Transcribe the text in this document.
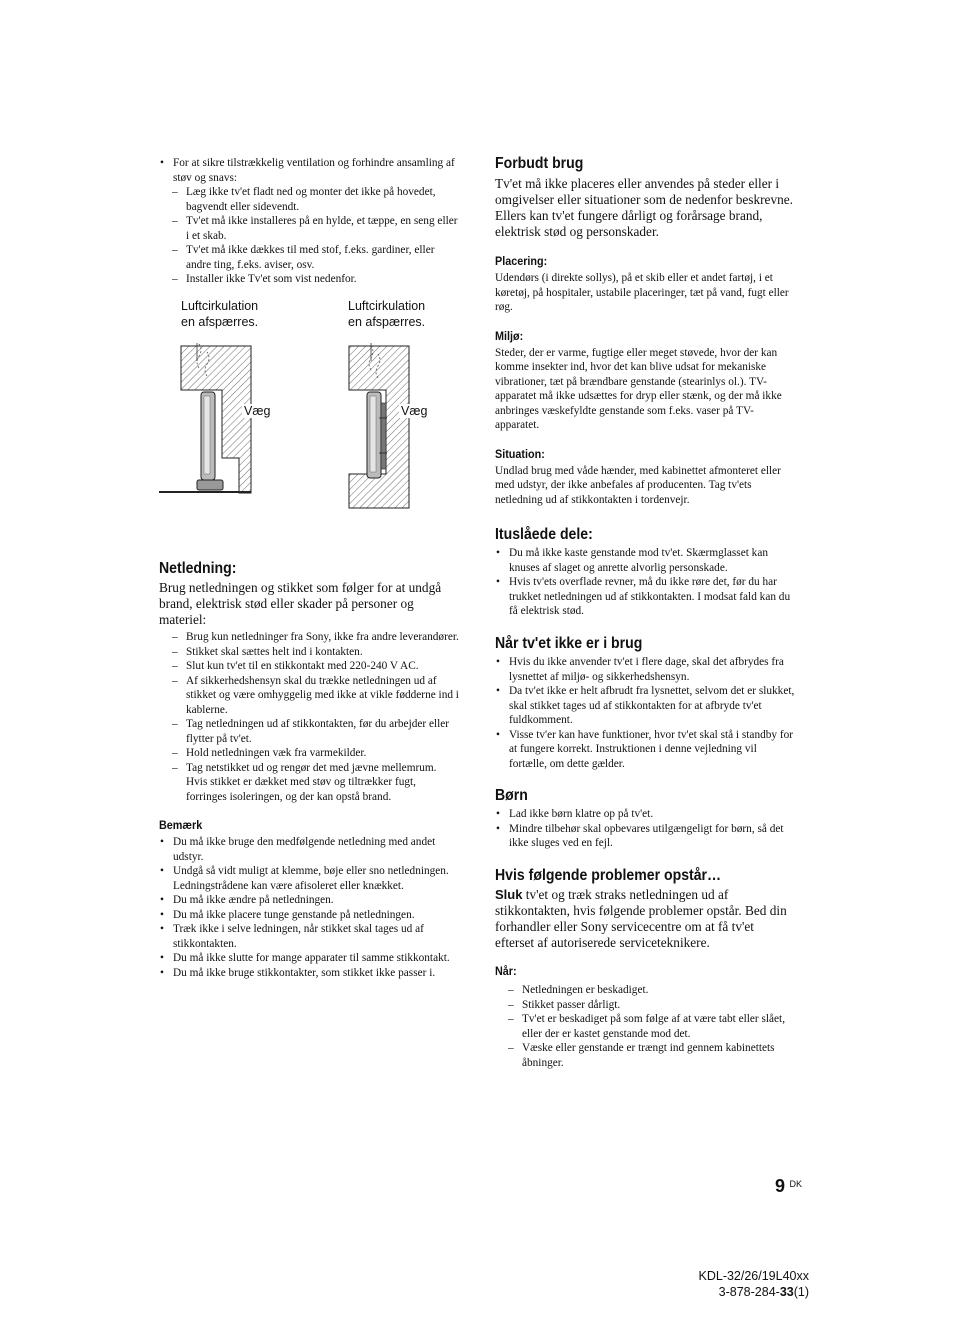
• For at sikre tilstrækkelig ventilation og forhindre ansamling af støv og snavs:
– Læg ikke tv'et fladt ned og monter det ikke på hovedet, bagvendt eller sidevendt.
– Tv'et må ikke installeres på en hylde, et tæppe, en seng eller i et skab.
– Tv'et må ikke dækkes til med stof, f.eks. gardiner, eller andre ting, f.eks. aviser, osv.
– Installer ikke Tv'et som vist nedenfor.
Luftcirkulation
en afspærres.
Luftcirkulation
en afspærres.
Væg	Væg
Netledning:

Brug netledningen og stikket som følger for at undgå brand, elektrisk stød eller skader på personer og materiel:

– Brug kun netledninger fra Sony, ikke fra andre leverandører.
– Stikket skal sættes helt ind i kontakten.
– Slut kun tv'et til en stikkontakt med 220-240 V AC.
– Af sikkerhedshensyn skal du trække netledningen ud af stikket og være omhyggelig med ikke at vikle fødderne ind i kablerne.
– Tag netledningen ud af stikkontakten, før du arbejder eller flytter på tv'et.
– Hold netledningen væk fra varmekilder.
– Tag netstikket ud og rengør det med jævne mellemrum. Hvis stikket er dækket med støv og tiltrækker fugt, forringes isoleringen, og der kan opstå brand.
Bemærk
• Du må ikke bruge den medfølgende netledning med andet udstyr.
• Undgå så vidt muligt at klemme, bøje eller sno netledningen. Ledningstrådene kan være afisoleret eller knækket.
• Du må ikke ændre på netledningen.
• Du må ikke placere tunge genstande på netledningen.
• Træk ikke i selve ledningen, når stikket skal tages ud af stikkontakten.
• Du må ikke slutte for mange apparater til samme stikkontakt.
• Du må ikke bruge stikkontakter, som stikket ikke passer i.
Forbudt brug

Tv'et må ikke placeres eller anvendes på steder eller i omgivelser eller situationer som de nedenfor beskrevne. Ellers kan tv'et fungere dårligt og forårsage brand, elektrisk stød og personskader.

Placering:

Udendørs (i direkte sollys), på et skib eller et andet fartøj, i et køretøj, på hospitaler, ustabile placeringer, tæt på vand, fugt eller røg.

Miljø:

Steder, der er varme, fugtige eller meget støvede, hvor der kan komme insekter ind, hvor det kan blive udsat for mekaniske vibrationer, tæt på brændbare genstande (stearinlys ol.). TV-apparatet må ikke udsættes for dryp eller stænk, og der må ikke anbringes væskefyldte genstande som f.eks. vaser på TV-apparatet.

Situation:

Undlad brug med våde hænder, med kabinettet afmonteret eller med udstyr, der ikke anbefales af producenten. Tag tv'ets netledning ud af stikkontakten i tordenvejr.

Ituslåede dele:
• Du må ikke kaste genstande mod tv'et. Skærmglasset kan knuses af slaget og anrette alvorlig personskade.
• Hvis tv'ets overflade revner, må du ikke røre det, før du har trukket netledningen ud af stikkontakten. I modsat fald kan du få elektrisk stød.
Når tv'et ikke er i brug
• Hvis du ikke anvender tv'et i flere dage, skal det afbrydes fra lysnettet af miljø- og sikkerhedshensyn.
• Da tv'et ikke er helt afbrudt fra lysnettet, selvom det er slukket, skal stikket tages ud af stikkontakten for at afbryde tv'et fuldkomment.
• Visse tv'er kan have funktioner, hvor tv'et skal stå i standby for at fungere korrekt. Instruktionen i denne vejledning vil fortælle, om dette gælder.
Børn
• Lad ikke børn klatre op på tv'et.
• Mindre tilbehør skal opbevares utilgængeligt for børn, så det ikke sluges ved en fejl.
Hvis følgende problemer opstår…

Sluk tv'et og træk straks netledningen ud af stikkontakten, hvis følgende problemer opstår. Bed din forhandler eller Sony servicecentre om at få tv'et efterset af autoriserede serviceteknikere.

Når:
– Netledningen er beskadiget.
– Stikket passer dårligt.
– Tv'et er beskadiget på som følge af at være tabt eller slået, eller der er kastet genstande mod det.
– Væske eller genstande er trængt ind gennem kabinettets åbninger.
9 $^{DK}$
KDL-32/26/19L40xx
3-878-284-33(1)
